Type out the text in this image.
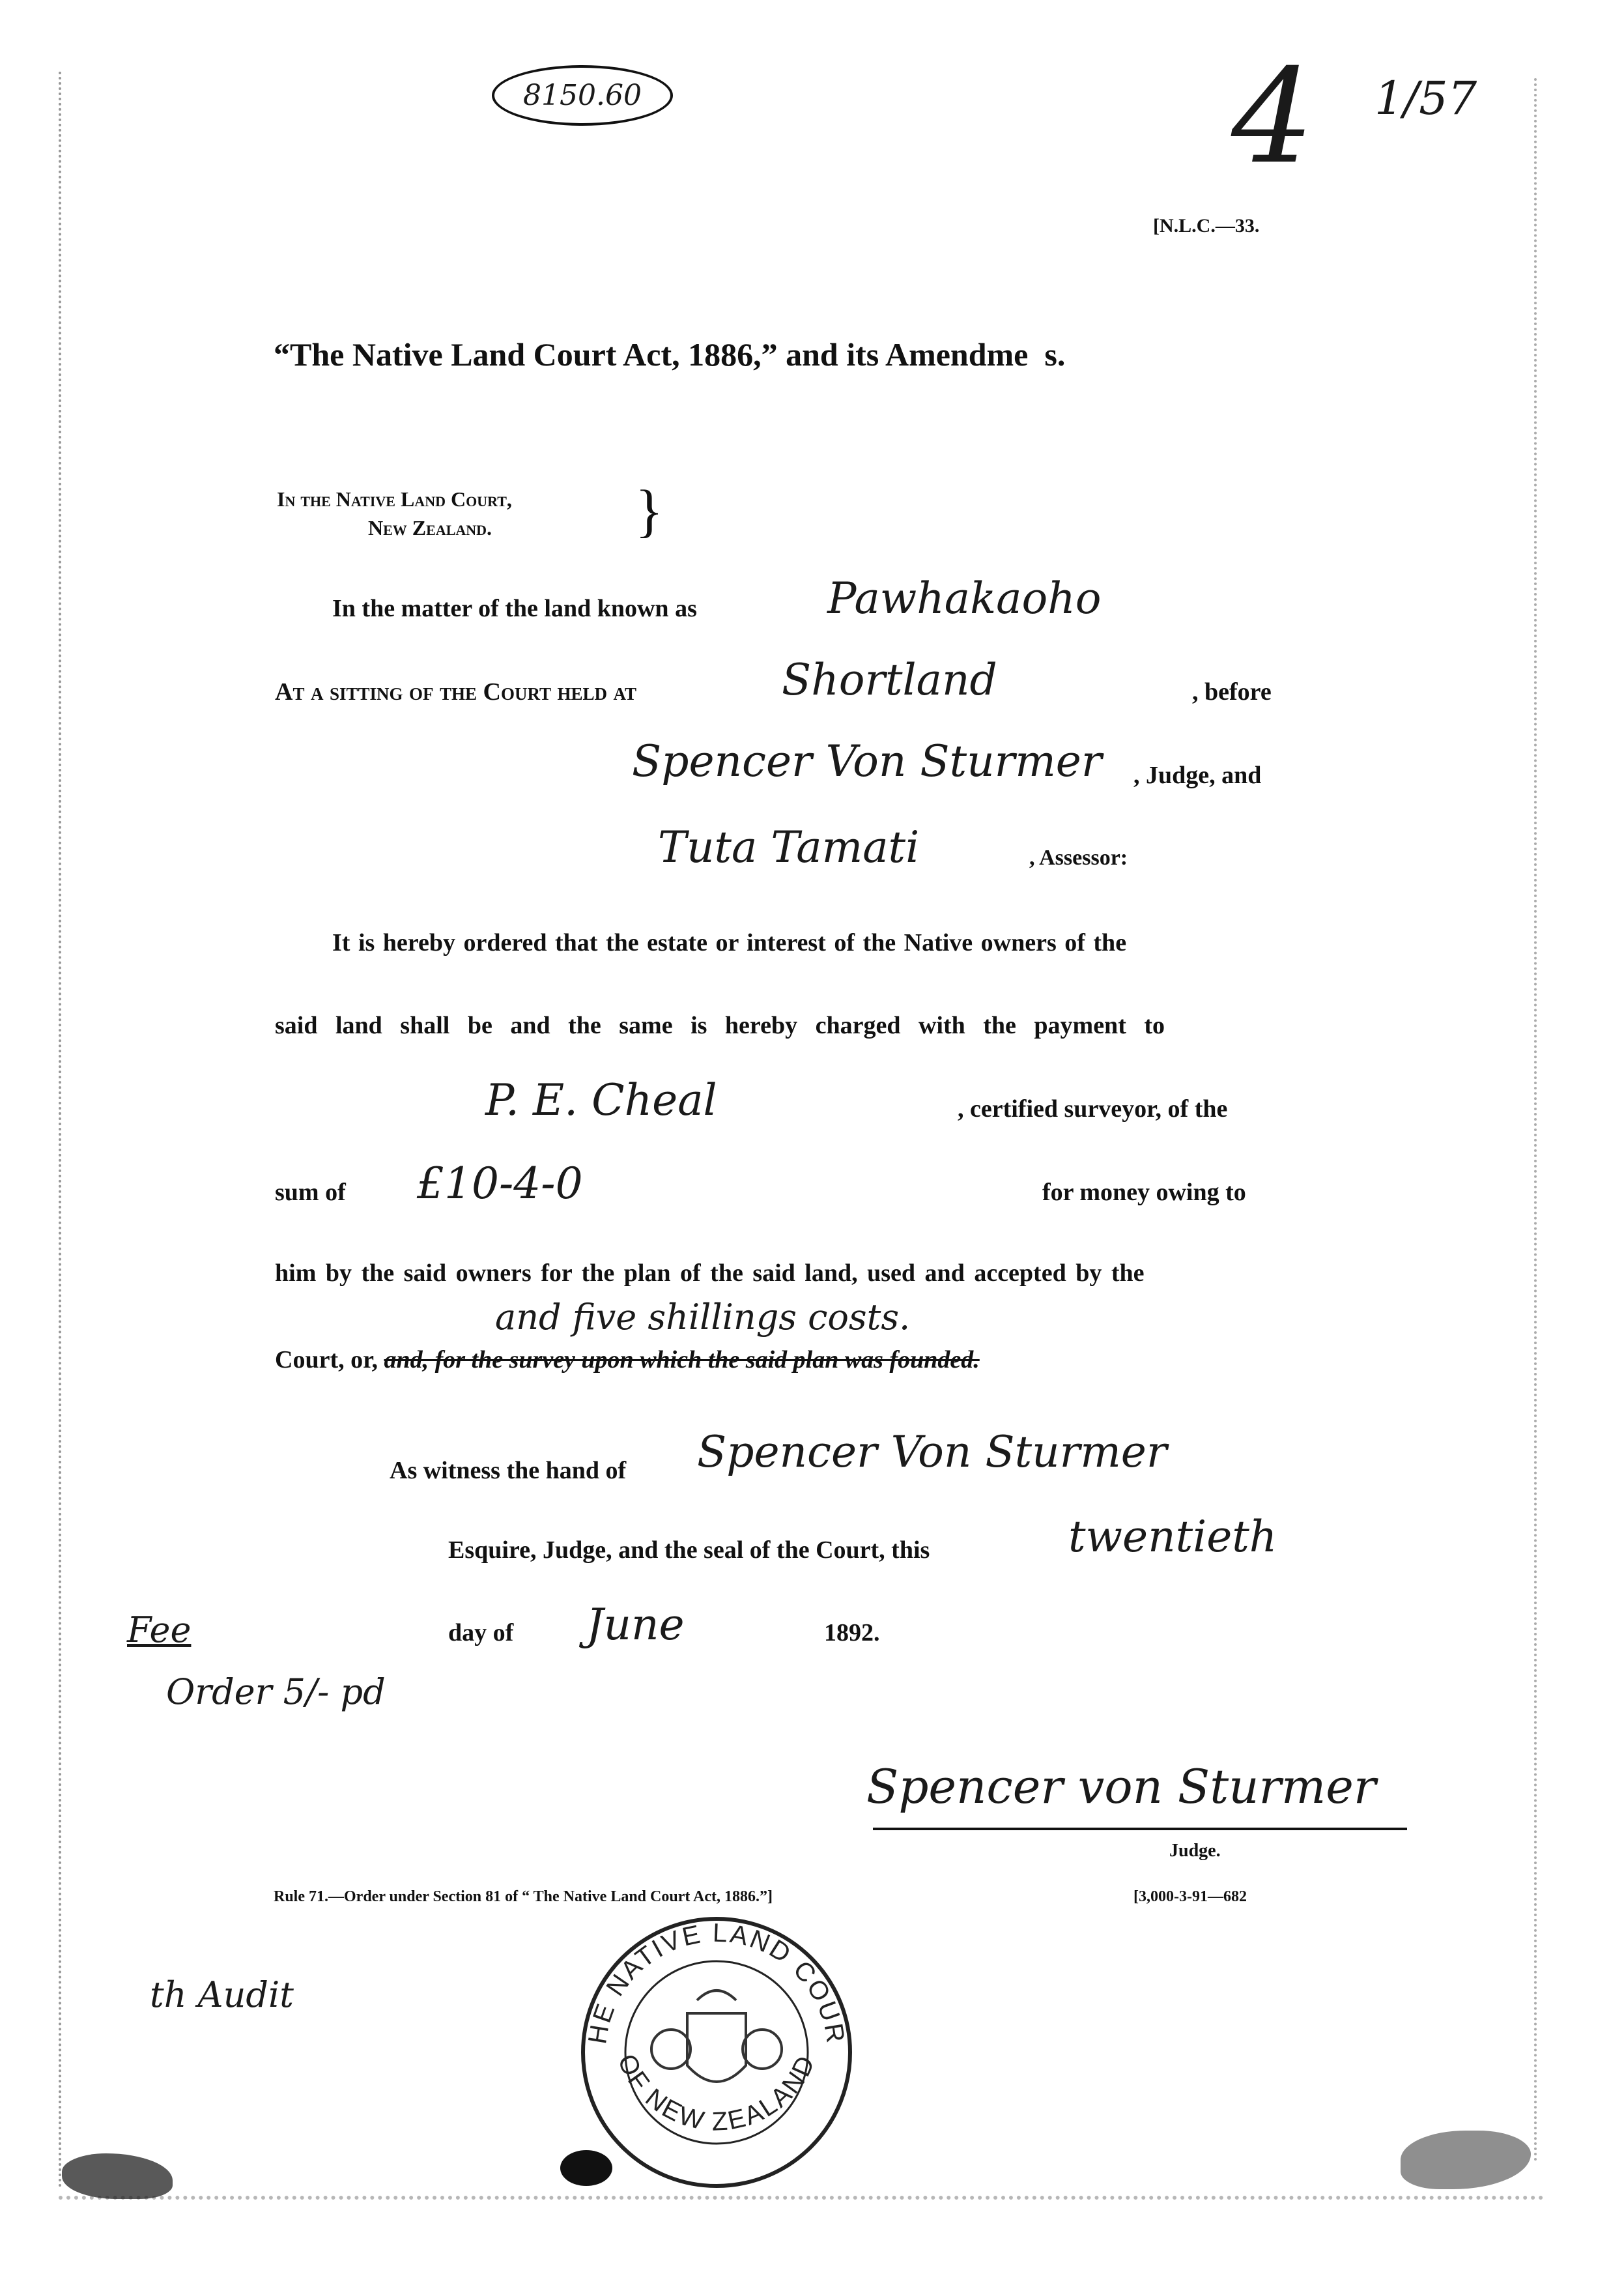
8150.60	4 1/57
[N.L.C.—33.
“The Native Land Court Act, 1886,” and its Amendme  s.
In the Native Land Court,
New Zealand. }
In the matter of the land known as	Pawhakaoho
At a sitting of the Court held at	Shortland	, before
Spencer Von Sturmer , Judge, and
Tuta Tamati	, Assessor:
It is hereby ordered that the estate or interest of the Native owners of the
said land shall be and the same is hereby charged with the payment to
P. E. Cheal	, certified surveyor, of the
sum of £10-4-0	for money owing to
him by the said owners for the plan of the said land, used and accepted by the
and five shillings costs.
Court, or, and, for the survey upon which the said plan was founded.
As witness the hand of Spencer Von Sturmer
Esquire, Judge, and the seal of the Court, this	twentieth
day of June	1892.
Fee
Order 5/- pd
th Audit
Spencer von Sturmer
Judge.
Rule 71.—Order under Section 81 of “ The Native Land Court Act, 1886.”]	[3,000-3-91—682
HE NATIVE LAND COUR
OF NEW ZEALAND
